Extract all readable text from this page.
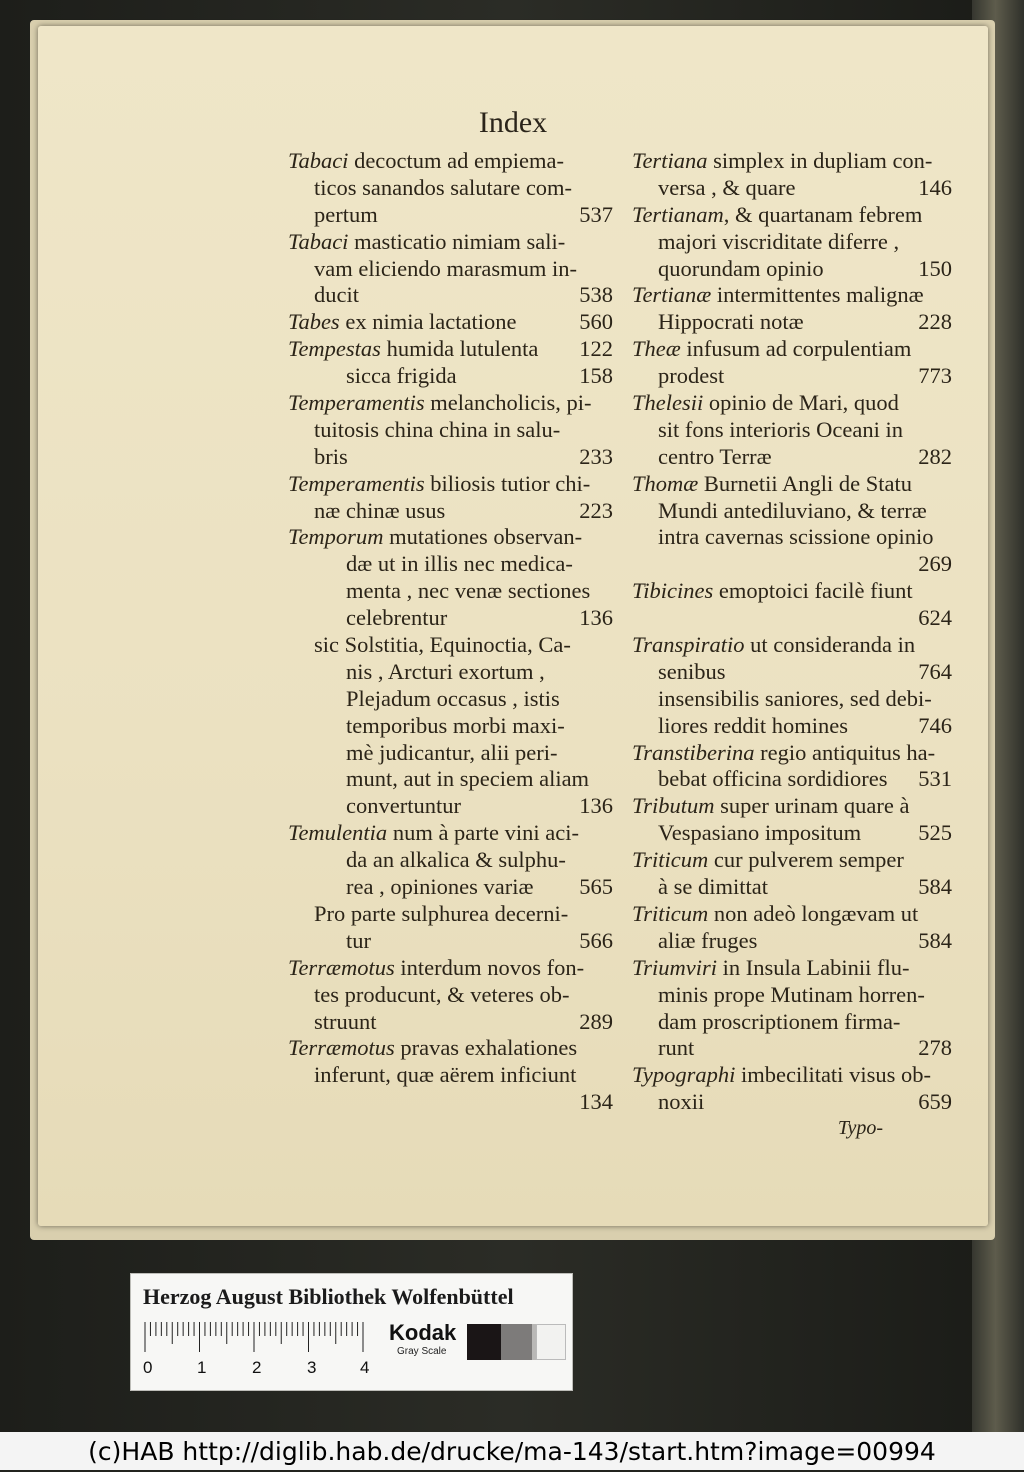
Index
Tabaci decoctum ad empiema-
ticos sanandos salutare com-
pertum	537
Tabaci masticatio nimiam sali-
vam eliciendo marasmum in-
ducit	538
Tabes ex nimia lactatione	560
Tempestas humida lutulenta 122
sicca frigida	158
Temperamentis melancholicis, pi-
tuitosis china china in salu-
bris	233
Temperamentis biliosis tutior chi-
næ chinæ usus	223
Temporum mutationes observan-
dæ ut in illis nec medica-
menta , nec venæ sectiones
celebrentur	136
sic Solstitia, Equinoctia, Ca-
nis , Arcturi exortum ,
Plejadum occasus , istis
temporibus morbi maxi-
mè judicantur, alii peri-
munt, aut in speciem aliam
convertuntur	136
Temulentia num à parte vini aci-
da an alkalica & sulphu-
rea , opiniones variæ 565
Pro parte sulphurea decerni-
tur	566
Terræmotus interdum novos fon-
tes producunt, & veteres ob-
struunt	289
Terræmotus pravas exhalationes
inferunt, quæ aërem inficiunt
134
Tertiana simplex in dupliam con-
versa , & quare	146
Tertianam, & quartanam febrem
majori viscriditate diferre ,
quorundam opinio	150
Tertianæ intermittentes malignæ
Hippocrati notæ	228
Theæ infusum ad corpulentiam
prodest	773
Thelesii opinio de Mari, quod
sit fons interioris Oceani in
centro Terræ	282
Thomæ Burnetii Angli de Statu
Mundi antediluviano, & terræ
intra cavernas scissione opinio
269
Tibicines emoptoici facilè fiunt
624
Transpiratio ut consideranda in
senibus	764
insensibilis saniores, sed debi-
liores reddit homines	746
Transtiberina regio antiquitus ha-
bebat officina sordidiores 531
Tributum super urinam quare à
Vespasiano impositum	525
Triticum cur pulverem semper
à se dimittat	584
Triticum non adeò longævam ut
aliæ fruges	584
Triumviri in Insula Labinii flu-
minis prope Mutinam horren-
dam proscriptionem firma-
runt	278
Typographi imbecilitati visus ob-
noxii	659
Typo-
Herzog August Bibliothek Wolfenbüttel
0	1	2	3	4
Kodak
Gray Scale
(c)HAB http://diglib.hab.de/drucke/ma-143/start.htm?image=00994
